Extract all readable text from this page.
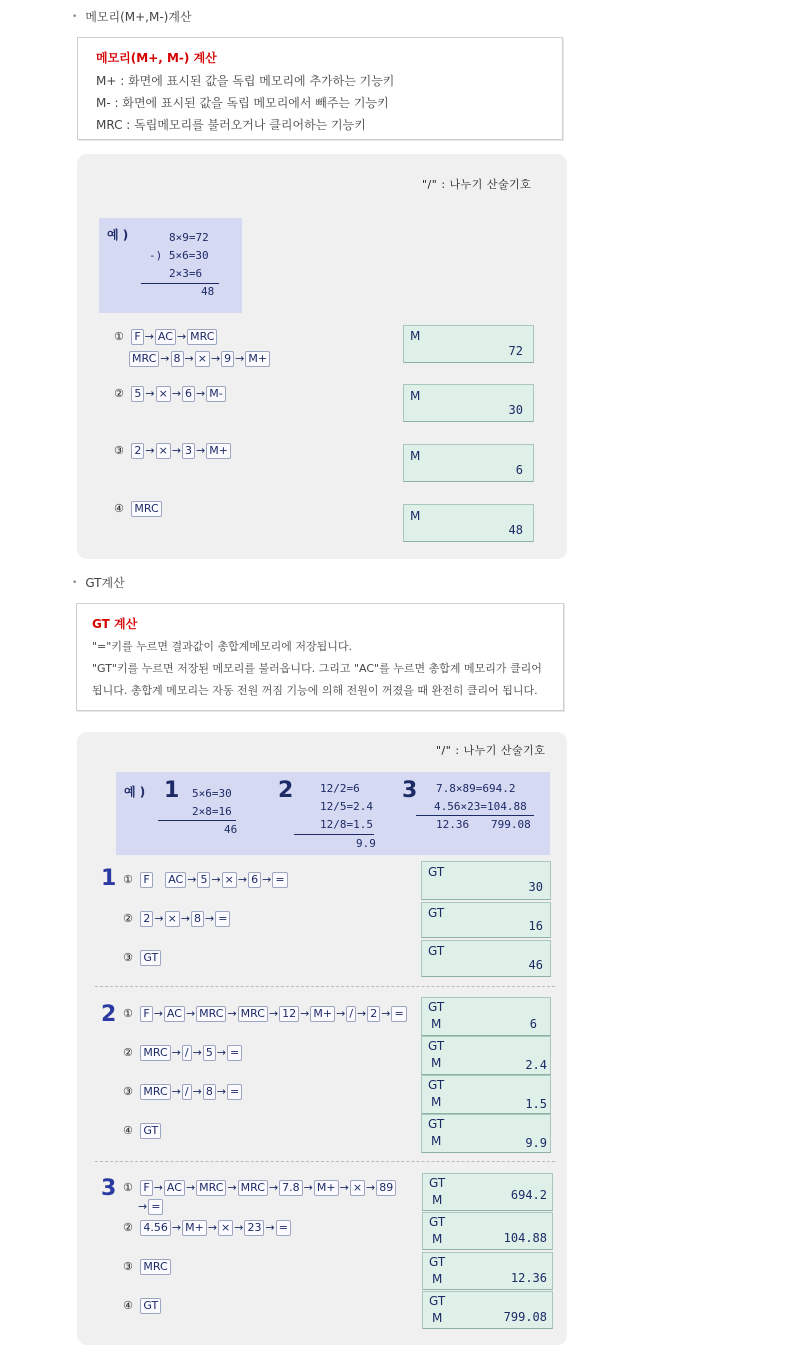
• 메모리(M+,M-)계산
메모리(M+, M-) 계산
M+ : 화면에 표시된 값을 독립 메모리에 추가하는 기능키
M- : 화면에 표시된 값을 독립 메모리에서 빼주는 기능키
MRC : 독립메모리를 불러오거나 클리어하는 기능키
"/" : 나누기 산술기호
예 )	8×9=72
-) 5×6=30
2×3=6
48
① F → AC → MRC
MRC → 8 → × → 9 → M+
② 5 → × → 6 → M-
③ 2 → × → 3 → M+
④ MRC
M
72
M
30
M
6
M
48
• GT계산
GT 계산
"="키를 누르면 결과값이 총합계메모리에 저장됩니다.
"GT"키를 누르면 저장된 메모리를 불러옵니다. 그리고 "AC"를 누르면 총합계 메모리가 클리어
됩니다. 총합계 메모리는 자동 전원 꺼짐 기능에 의해 전원이 꺼졌을 때 완전히 클리어 됩니다.
"/" : 나누기 산술기호
예 ) 1 5×6=30
2×8=16
46
2 12/2=6
12/5=2.4
12/8=1.5
9.9
3 7.8×89=694.2
4.56×23=104.88
12.36 799.08
1 ① F AC → 5 → × → 6 → =
② 2 → × → 8 → =
③ GT
GT
30
GT
16
GT
46
2 ① F → AC → MRC → MRC → 12 → M+ → / → 2 → =
② MRC → / → 5 → =
③ MRC → / → 8 → =
④ GT
GT
M	6
GT
M	2.4
GT
M	1.5
GT
M	9.9
3 ① F → AC → MRC → MRC → 7.8 → M+ → × → 89
→ =
② 4.56 → M+ → × → 23 → =
③ MRC
④ GT
GT
M	694.2
GT
M	104.88
GT
M	12.36
GT
M	799.08
